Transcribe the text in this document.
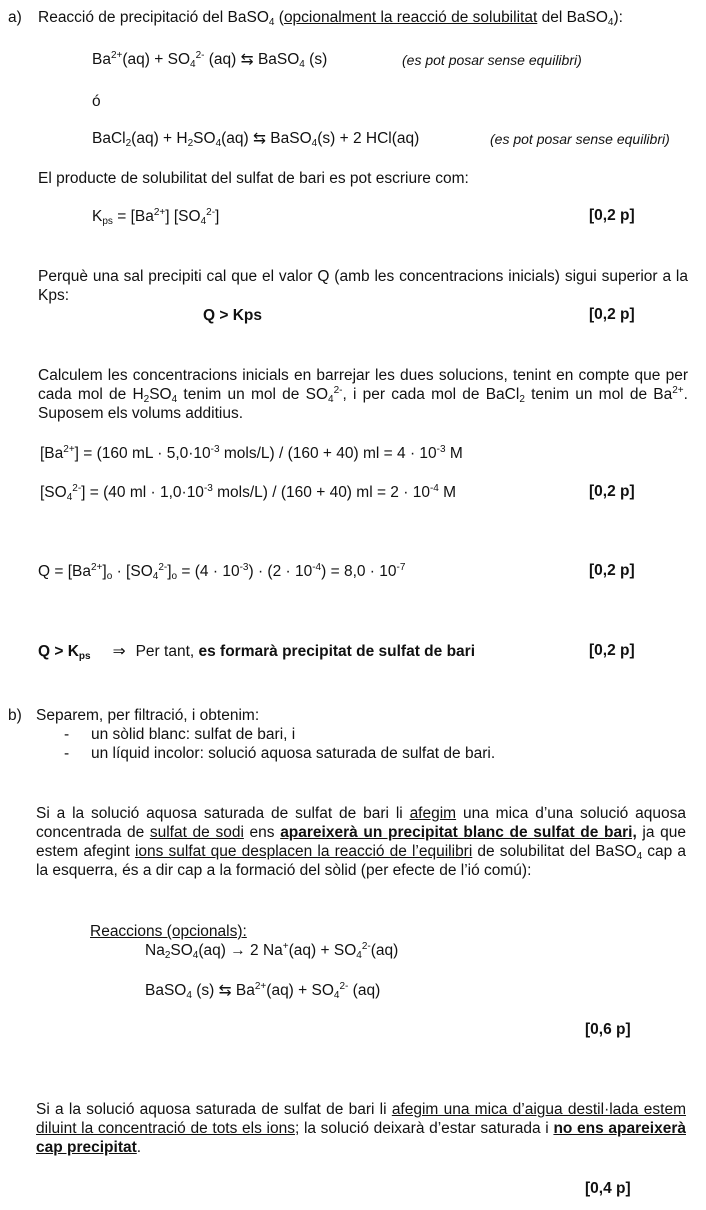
a) Reacció de precipitació del BaSO$_4$ (opcionalment la reacció de solubilitat del BaSO$_4$):
$Ba^{2+}(aq) + SO_4^{2-}$ (aq) ⇆ BaSO$_4$ (s)	(es pot posar sense equilibri)
ó
BaCl$_2$(aq) + $H_2SO_4(aq)$ ⇆ BaSO$_4$(s) + 2 HCl(aq)	(es pot posar sense equilibri)
El producte de solubilitat del sulfat de bari es pot escriure com:
$K_{ps} = [Ba^{2+}]$ $[SO_4^{2-}]$	[0,2 p]
Perquè una sal precipiti cal que el valor Q (amb les concentracions inicials) sigui superior a la Kps:
Q > Kps	[0,2 p]
Calculem les concentracions inicials en barrejar les dues solucions, tenint en compte que per cada mol de $H_2SO_4$ tenim un mol de $SO_4^{2-}$, i per cada mol de BaCl$_2$ tenim un mol de $Ba^{2+}$. Suposem els volums additius.
$[Ba^{2+}] = (160$ mL · $5,0\cdot 10^{-3}$ mols/L) / (160 + 40) ml = $4 \cdot 10^{-3}$ M
$[SO_4^{2-}] = (40$ ml · $1,0\cdot 10^{-3}$ mols/L) / (160 + 40) ml = $2 \cdot 10^{-4}$ M	[0,2 p]
$Q = [Ba^{2+}]_o \cdot [SO_4^{2-}]_o = (4 \cdot 10^{-3}) \cdot (2 \cdot 10^{-4}) = 8,0 \cdot 10^{-7}$	[0,2 p]
$Q > K_{ps}$ ⇒ Per tant, es formarà precipitat de sulfat de bari	[0,2 p]
b) Separem, per filtració, i obtenim:
- un sòlid blanc: sulfat de bari, i
- un líquid incolor: solució aquosa saturada de sulfat de bari.
Si a la solució aquosa saturada de sulfat de bari li afegim una mica d’una solució aquosa concentrada de sulfat de sodi ens apareixerà un precipitat blanc de sulfat de bari, ja que estem afegint ions sulfat que desplacen la reacció de l’equilibri de solubilitat del BaSO$_4$ cap a la esquerra, és a dir cap a la formació del sòlid (per efecte de l’ió comú):
Reaccions (opcionals):
$Na_2SO_4(aq) \to 2$ $Na^+(aq) + SO_4^{2-}(aq)$
BaSO$_4$ (s) ⇆ $Ba^{2+}(aq) + SO_4^{2-}$ (aq)
[0,6 p]
Si a la solució aquosa saturada de sulfat de bari li afegim una mica d’aigua destil·lada estem diluint la concentració de tots els ions; la solució deixarà d’estar saturada i no ens apareixerà cap precipitat.
[0,4 p]
